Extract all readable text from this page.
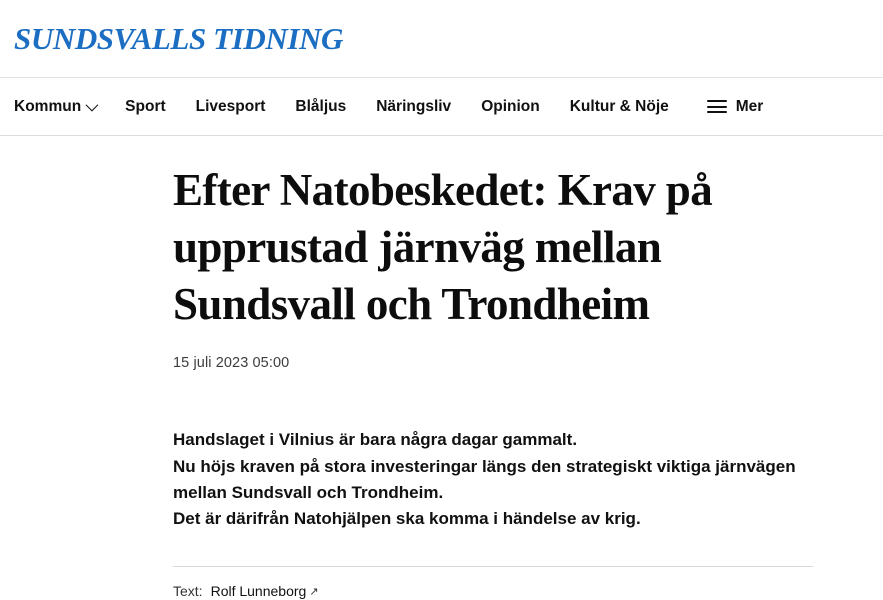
SUNDSVALLS TIDNING
Kommun	Sport Livesport Blåljus Näringsliv Opinion Kultur & Nöje	Mer
Efter Natobeskedet: Krav på upprustad järnväg mellan Sundsvall och Trondheim
15 juli 2023 05:00

Handslaget i Vilnius är bara några dagar gammalt.

Nu höjs kraven på stora investeringar längs den strategiskt viktiga järnvägen mellan Sundsvall och Trondheim.

Det är därifrån Natohjälpen ska komma i händelse av krig.

Text: Rolf Lunneborg ↗
